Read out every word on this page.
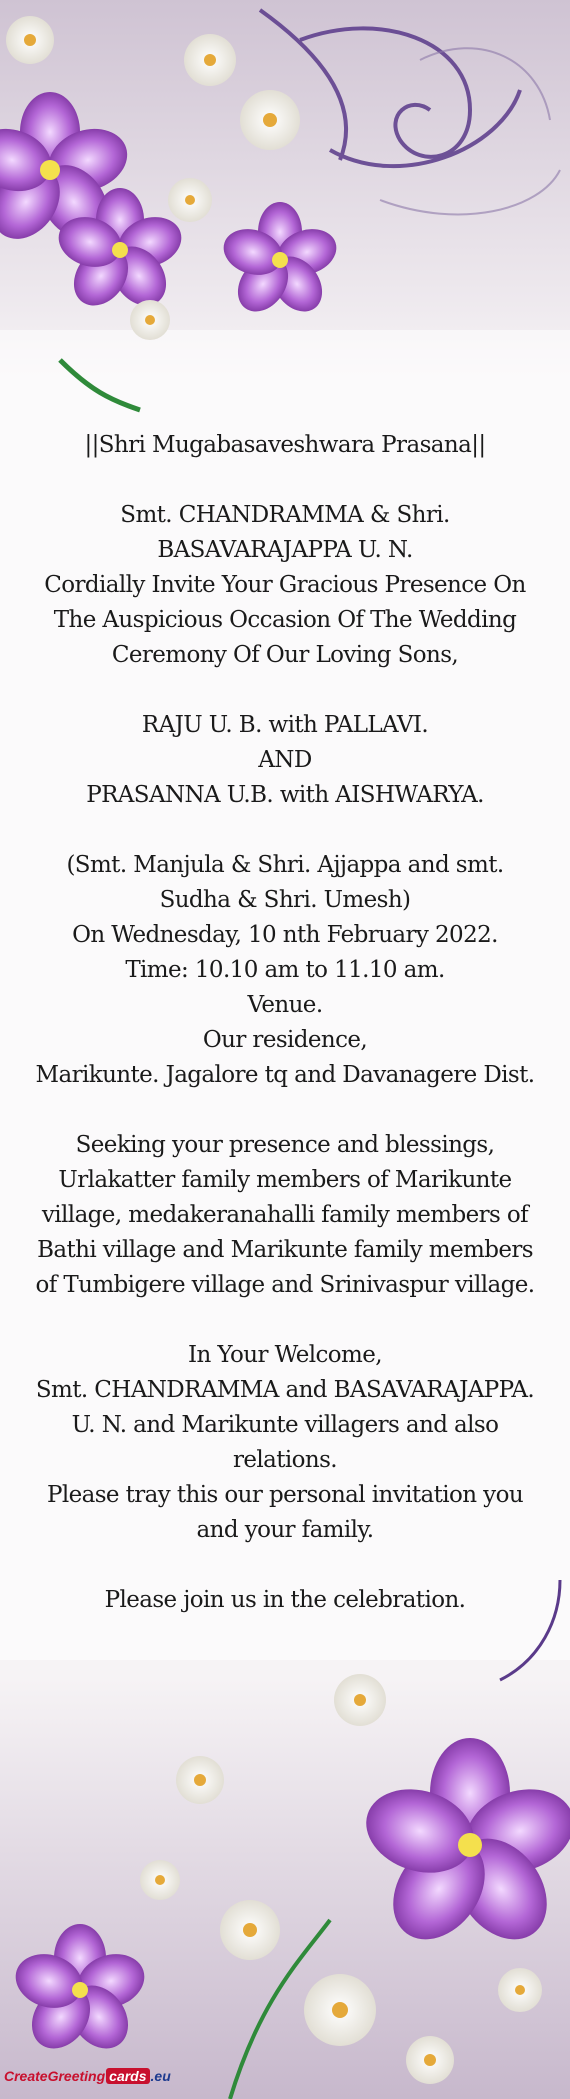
||Shri Mugabasaveshwara Prasana||

Smt. CHANDRAMMA & Shri. BASAVARAJAPPA U. N.

Cordially Invite Your Gracious Presence On The Auspicious Occasion Of The Wedding Ceremony Of Our Loving Sons,

RAJU U. B. with PALLAVI.

AND

PRASANNA U.B. with AISHWARYA.

(Smt. Manjula & Shri. Ajjappa and smt. Sudha & Shri. Umesh)

On Wednesday, 10 nth February 2022.

Time: 10.10 am to 11.10 am.

Venue.

Our residence,

Marikunte. Jagalore tq and Davanagere Dist.

Seeking your presence and blessings,

Urlakatter family members of Marikunte village, medakeranahalli family members of Bathi village and Marikunte family members of Tumbigere village and Srinivaspur village.

In Your Welcome,

Smt. CHANDRAMMA and BASAVARAJAPPA. U. N. and Marikunte villagers and also relations.

Please tray this our personal invitation you and your family.

Please join us in the celebration.

CreateGreeting cards .eu
